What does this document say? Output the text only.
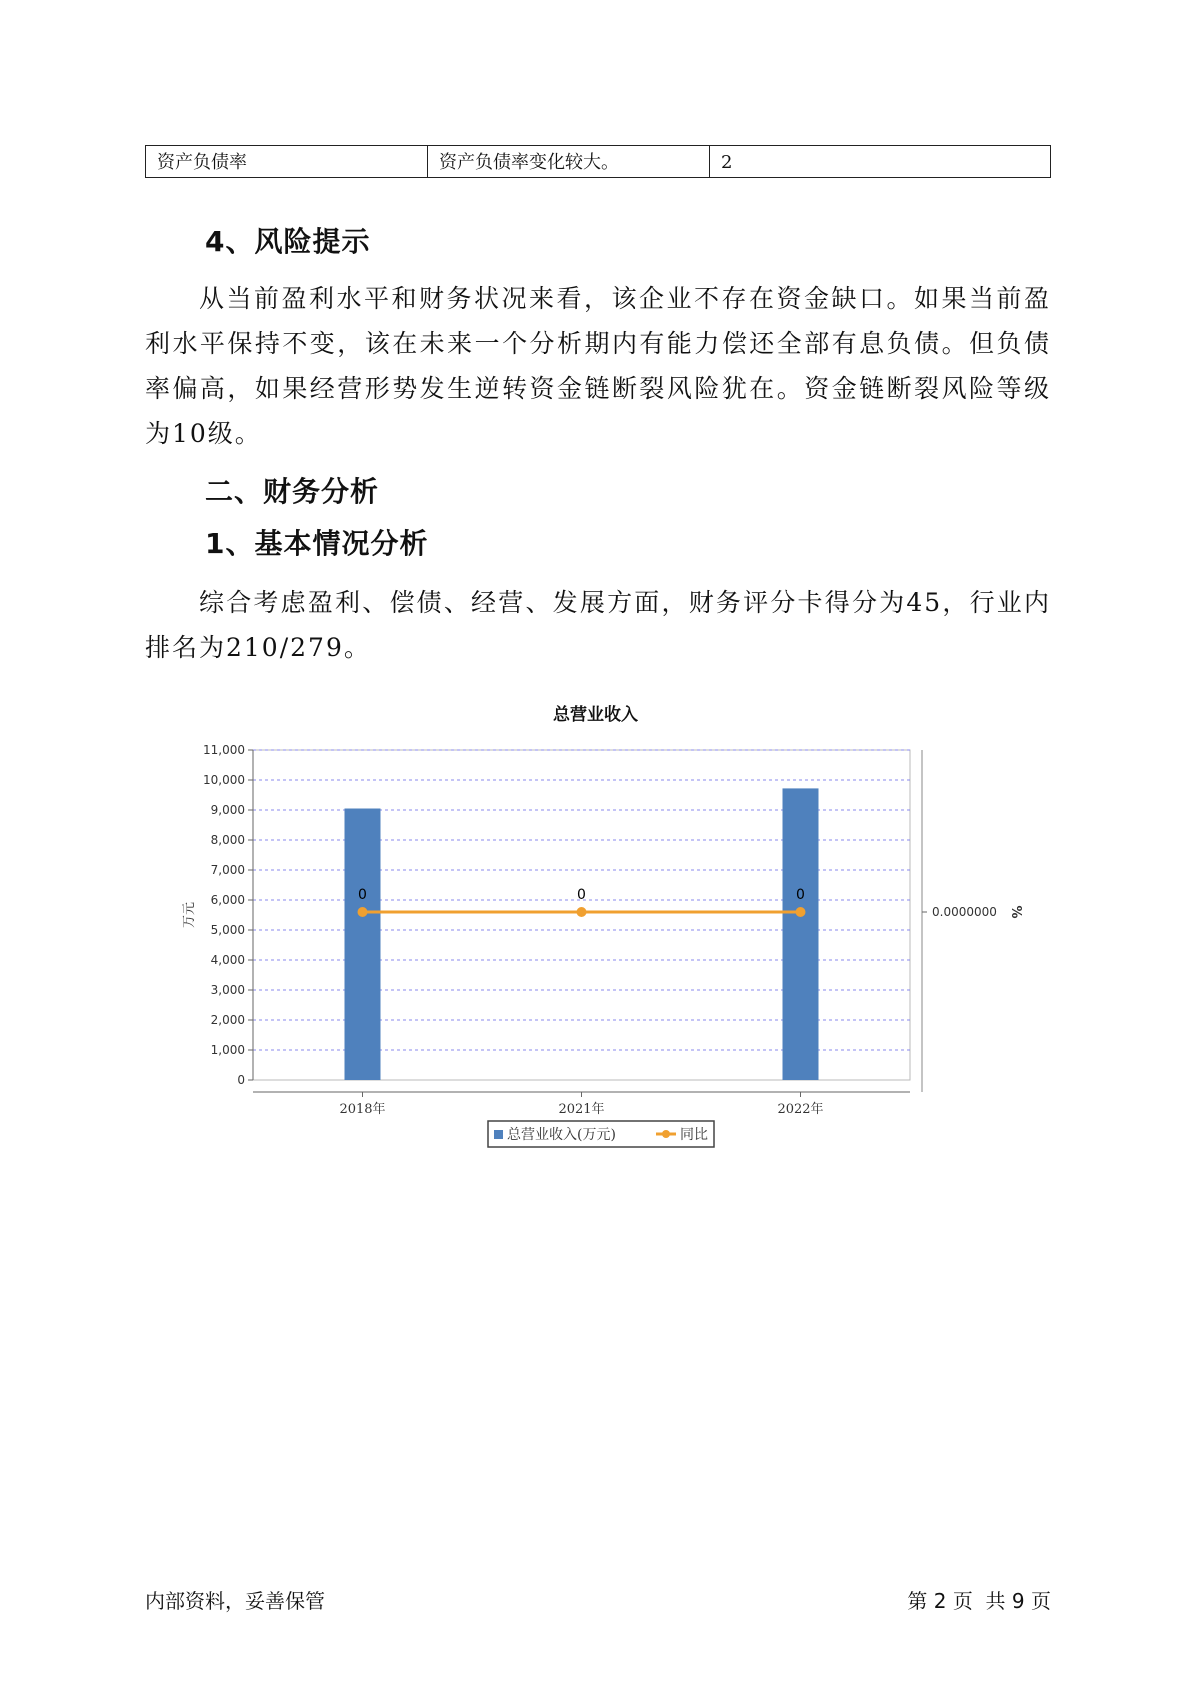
资产负债率	资产负债率变化较大。	2
4、风险提示

从当前盈利水平和财务状况来看，该企业不存在资金缺口。如果当前盈利水平保持不变，该在未来一个分析期内有能力偿还全部有息负债。但负债率偏高，如果经营形势发生逆转资金链断裂风险犹在。资金链断裂风险等级为10级。

二、财务分析
1、基本情况分析

综合考虑盈利、偿债、经营、发展方面，财务评分卡得分为45，行业内排名为210/279。

总营业收入
0
1,000
2,000
3,000
4,000
5,000
6,000
7,000
8,000
9,000
10,000
11,000
万元
2018年	2021年	2022年
0.0000000 %
0	0	0
总营业收入(万元)	同比
内部资料，妥善保管	第 2 页  共 9 页
